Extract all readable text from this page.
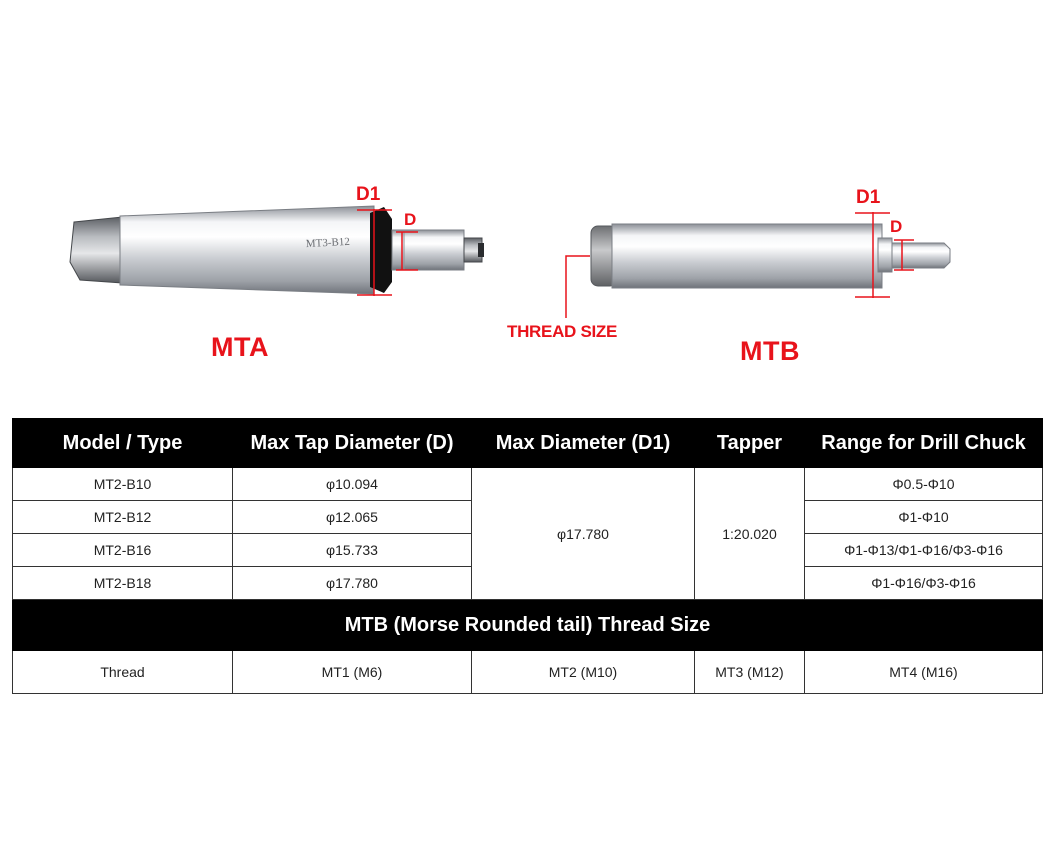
MT3-B12
D1
D
MTA
D1
D
THREAD SIZE
MTB
Model / Type	Max Tap Diameter (D)	Max Diameter (D1)	Tapper	Range for Drill Chuck
MT2-B10	φ10.094	φ17.780	1:20.020	Φ0.5-Φ10
MT2-B12	φ12.065			Φ1-Φ10
MT2-B16	φ15.733			Φ1-Φ13/Φ1-Φ16/Φ3-Φ16
MT2-B18	φ17.780			Φ1-Φ16/Φ3-Φ16
MTB (Morse Rounded tail) Thread Size				
Thread	MT1 (M6)	MT2 (M10)	MT3 (M12)	MT4 (M16)
